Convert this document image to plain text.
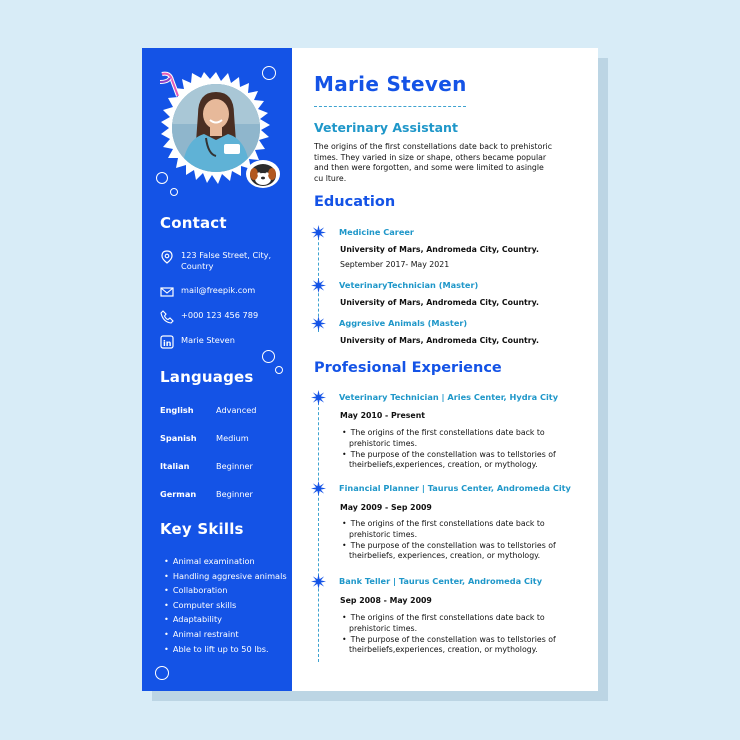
Contact
123 False Street, City, Country
mail@freepik.com
+000 123 456 789
in Marie Steven
Languages
English	Advanced
Spanish	Medium
Italian	Beginner
German	Beginner
Key Skills
• Animal examination
• Handling aggresive animals
• Collaboration
• Computer skills
• Adaptability
• Animal restraint
• Able to lift up to 50 lbs.
Marie Steven
Veterinary Assistant
The origins of the first constellations date back to prehistoric times. They varied in size or shape, others became popular and then were forgotten, and some were limited to asingle cu lture.
Education
Medicine Career
University of Mars, Andromeda City, Country.
September 2017- May 2021
VeterinaryTechnician (Master)
University of Mars, Andromeda City, Country.
Aggresive Animals (Master)
University of Mars, Andromeda City, Country.
Profesional Experience
Veterinary Technician | Aries Center, Hydra City
May 2010 - Present
• The origins of the first constellations date back to prehistoric times.
• The purpose of the constellation was to tellstories of theirbeliefs,experiences, creation, or mythology.
Financial Planner | Taurus Center, Andromeda City
May 2009 - Sep 2009
• The origins of the first constellations date back to prehistoric times.
• The purpose of the constellation was to tellstories of theirbeliefs, experiences, creation, or mythology.
Bank Teller | Taurus Center, Andromeda City
Sep 2008 - May 2009
• The origins of the first constellations date back to prehistoric times.
• The purpose of the constellation was to tellstories of theirbeliefs,experiences, creation, or mythology.
